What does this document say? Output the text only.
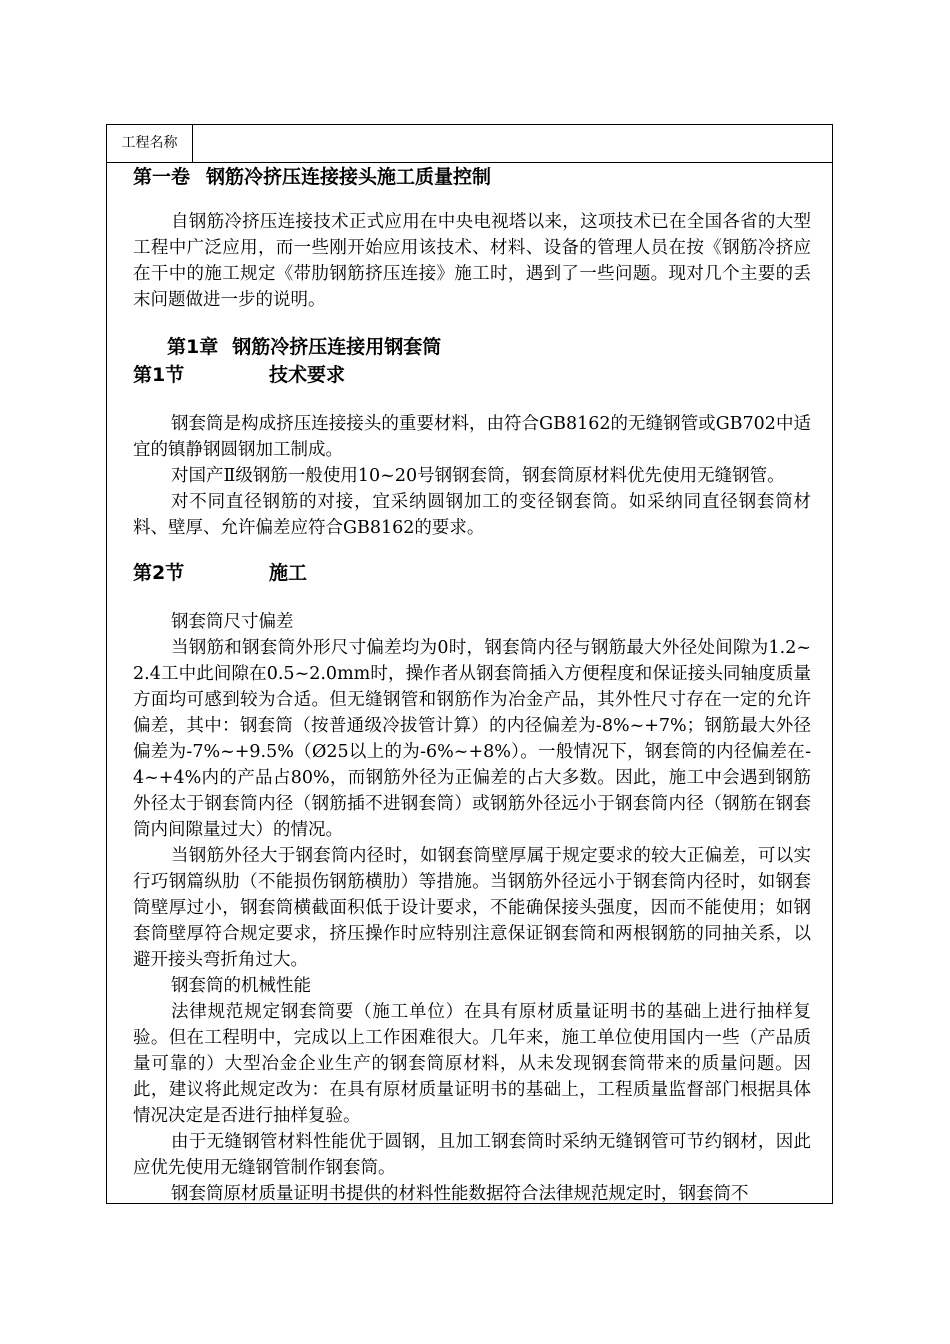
工程名称
第一卷 钢筋冷挤压连接接头施工质量控制

自钢筋冷挤压连接技术正式应用在中央电视塔以来，这项技术已在全国各省的大型工程中广泛应用，而一些刚开始应用该技术、材料、设备的管理人员在按《钢筋冷挤应在干中的施工规定《带肋钢筋挤压连接》施工时，遇到了一些问题。现对几个主要的丢末问题做进一步的说明。

第1章 钢筋冷挤压连接用钢套筒
第1节	技术要求

钢套筒是构成挤压连接接头的重要材料，由符合GB8162的无缝钢管或GB702中适宜的镇静钢圆钢加工制成。

对国产Ⅱ级钢筋一般使用10~20号钢钢套筒，钢套筒原材料优先使用无缝钢管。

对不同直径钢筋的对接，宜采纳圆钢加工的变径钢套筒。如采纳同直径钢套筒材料、壁厚、允许偏差应符合GB8162的要求。

第2节	施工

钢套筒尺寸偏差

当钢筋和钢套筒外形尺寸偏差均为0时，钢套筒内径与钢筋最大外径处间隙为1.2~2.4工中此间隙在0.5~2.0mm时，操作者从钢套筒插入方便程度和保证接头同轴度质量方面均可感到较为合适。但无缝钢管和钢筋作为冶金产品，其外性尺寸存在一定的允许偏差，其中：钢套筒（按普通级冷拔管计算）的内径偏差为-8%~+7%；钢筋最大外径偏差为-7%~+9.5%（Ø25以上的为-6%~+8%）。一般情况下，钢套筒的内径偏差在-4~+4%内的产品占80%，而钢筋外径为正偏差的占大多数。因此，施工中会遇到钢筋外径太于钢套筒内径（钢筋插不进钢套筒）或钢筋外径远小于钢套筒内径（钢筋在钢套筒内间隙量过大）的情况。

当钢筋外径大于钢套筒内径时，如钢套筒壁厚属于规定要求的较大正偏差，可以实行巧钢篇纵肋（不能损伤钢筋横肋）等措施。当钢筋外径远小于钢套筒内径时，如钢套筒壁厚过小，钢套筒横截面积低于设计要求，不能确保接头强度，因而不能使用；如钢套筒壁厚符合规定要求，挤压操作时应特别注意保证钢套筒和两根钢筋的同抽关系，以避开接头弯折角过大。

钢套筒的机械性能

法律规范规定钢套筒要（施工单位）在具有原材质量证明书的基础上进行抽样复验。但在工程明中，完成以上工作困难很大。几年来，施工单位使用国内一些（产品质量可靠的）大型冶金企业生产的钢套筒原材料，从未发现钢套筒带来的质量问题。因此，建议将此规定改为：在具有原材质量证明书的基础上，工程质量监督部门根据具体情况决定是否进行抽样复验。

由于无缝钢管材料性能优于圆钢，且加工钢套筒时采纳无缝钢管可节约钢材，因此应优先使用无缝钢管制作钢套筒。

钢套筒原材质量证明书提供的材料性能数据符合法律规范规定时，钢套筒不
